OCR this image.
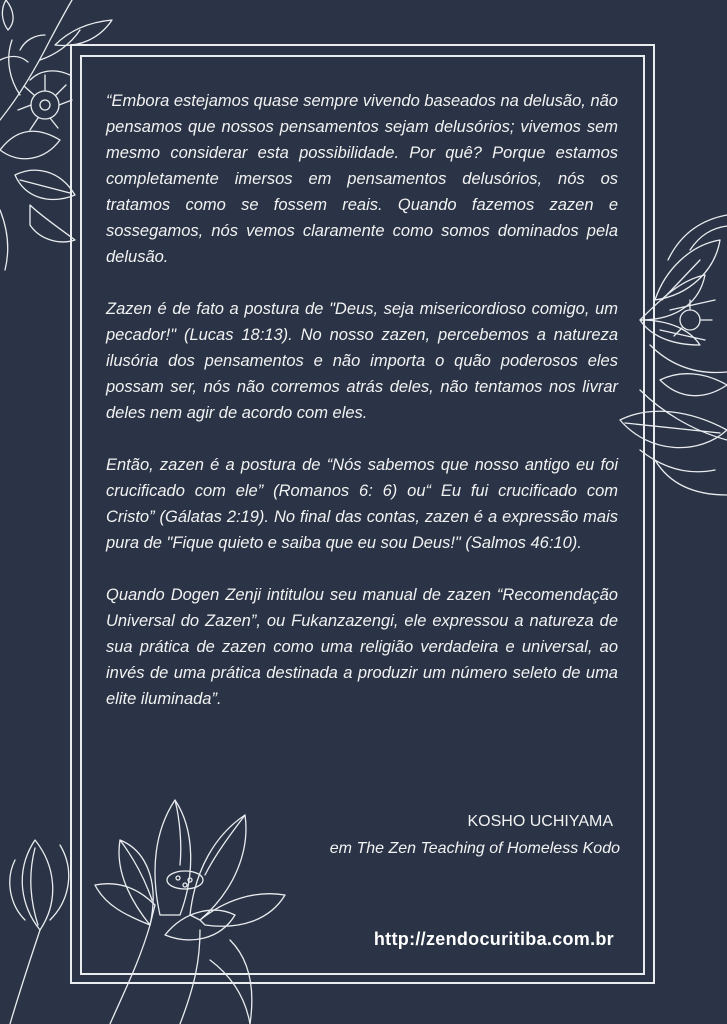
“Embora estejamos quase sempre vivendo baseados na delusão, não pensamos que nossos pensamentos sejam delusórios; vivemos sem mesmo considerar esta possibilidade. Por quê? Porque estamos completamente imersos em pensamentos delusórios, nós os tratamos como se fossem reais. Quando fazemos zazen e sossegamos, nós vemos claramente como somos dominados pela delusão.

Zazen é de fato a postura de "Deus, seja misericordioso comigo, um pecador!" (Lucas 18:13). No nosso zazen, percebemos a natureza ilusória dos pensamentos e não importa o quão poderosos eles possam ser, nós não corremos atrás deles, não tentamos nos livrar deles nem agir de acordo com eles.

Então, zazen é a postura de “Nós sabemos que nosso antigo eu foi crucificado com ele” (Romanos 6: 6) ou“ Eu fui crucificado com Cristo” (Gálatas 2:19). No final das contas, zazen é a expressão mais pura de "Fique quieto e saiba que eu sou Deus!" (Salmos 46:10).

Quando Dogen Zenji intitulou seu manual de zazen “Recomendação Universal do Zazen”, ou Fukanzazengi, ele expressou a natureza de sua prática de zazen como uma religião verdadeira e universal, ao invés de uma prática destinada a produzir um número seleto de uma elite iluminada”.

KOSHO UCHIYAMA
em The Zen Teaching of Homeless Kodo
http://zendocuritiba.com.br
